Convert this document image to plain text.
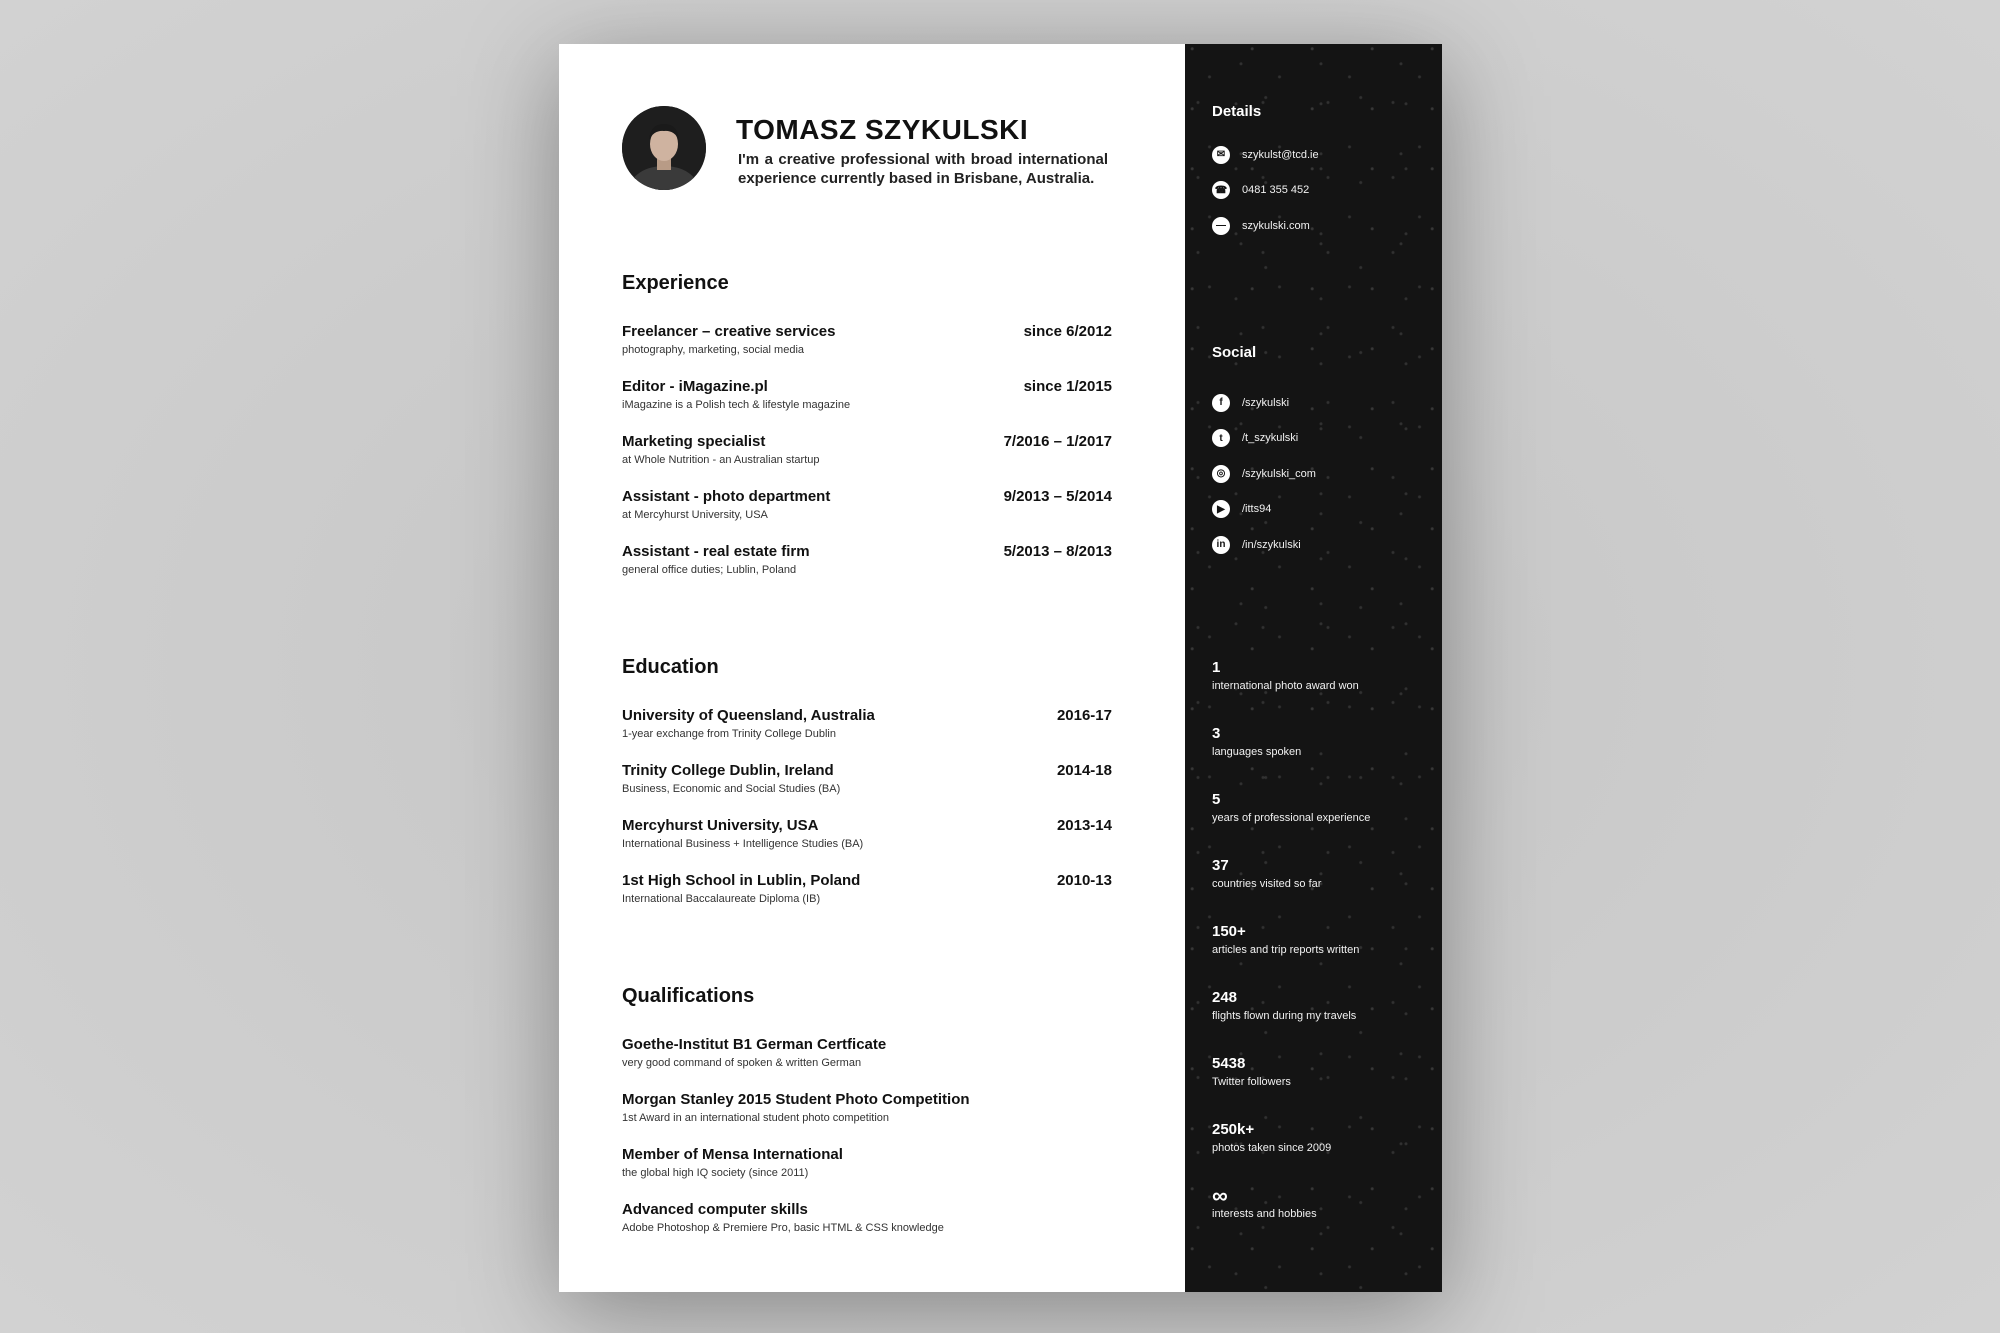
TOMASZ SZYKULSKI
I'm a creative professional with broad international experience currently based in Brisbane, Australia.
Experience
Freelancer – creative services
photography, marketing, social media
since 6/2012
Editor - iMagazine.pl
iMagazine is a Polish tech & lifestyle magazine
since 1/2015
Marketing specialist
at Whole Nutrition - an Australian startup
7/2016 – 1/2017
Assistant - photo department
at Mercyhurst University, USA
9/2013 – 5/2014
Assistant - real estate firm
general office duties; Lublin, Poland
5/2013 – 8/2013
Education
University of Queensland, Australia
1-year exchange from Trinity College Dublin
2016-17
Trinity College Dublin, Ireland
Business, Economic and Social Studies (BA)
2014-18
Mercyhurst University, USA
International Business + Intelligence Studies (BA)
2013-14
1st High School in Lublin, Poland
International Baccalaureate Diploma (IB)
2010-13
Qualifications
Goethe-Institut B1 German Certficate
very good command of spoken & written German
Morgan Stanley 2015 Student Photo Competition
1st Award in an international student photo competition
Member of Mensa International
the global high IQ society (since 2011)
Advanced computer skills
Adobe Photoshop & Premiere Pro, basic HTML & CSS knowledge
Details
✉	szykulst@tcd.ie
☎ 0481 355 452
—	szykulski.com
Social
f	/szykulski
t	/t_szykulski
◎	/szykulski_com
▶	/itts94
in	/in/szykulski
1
international photo award won
3
languages spoken
5
years of professional experience
37
countries visited so far
150+
articles and trip reports written
248
flights flown during my travels
5438
Twitter followers
250k+
photos taken since 2009
∞
interests and hobbies
